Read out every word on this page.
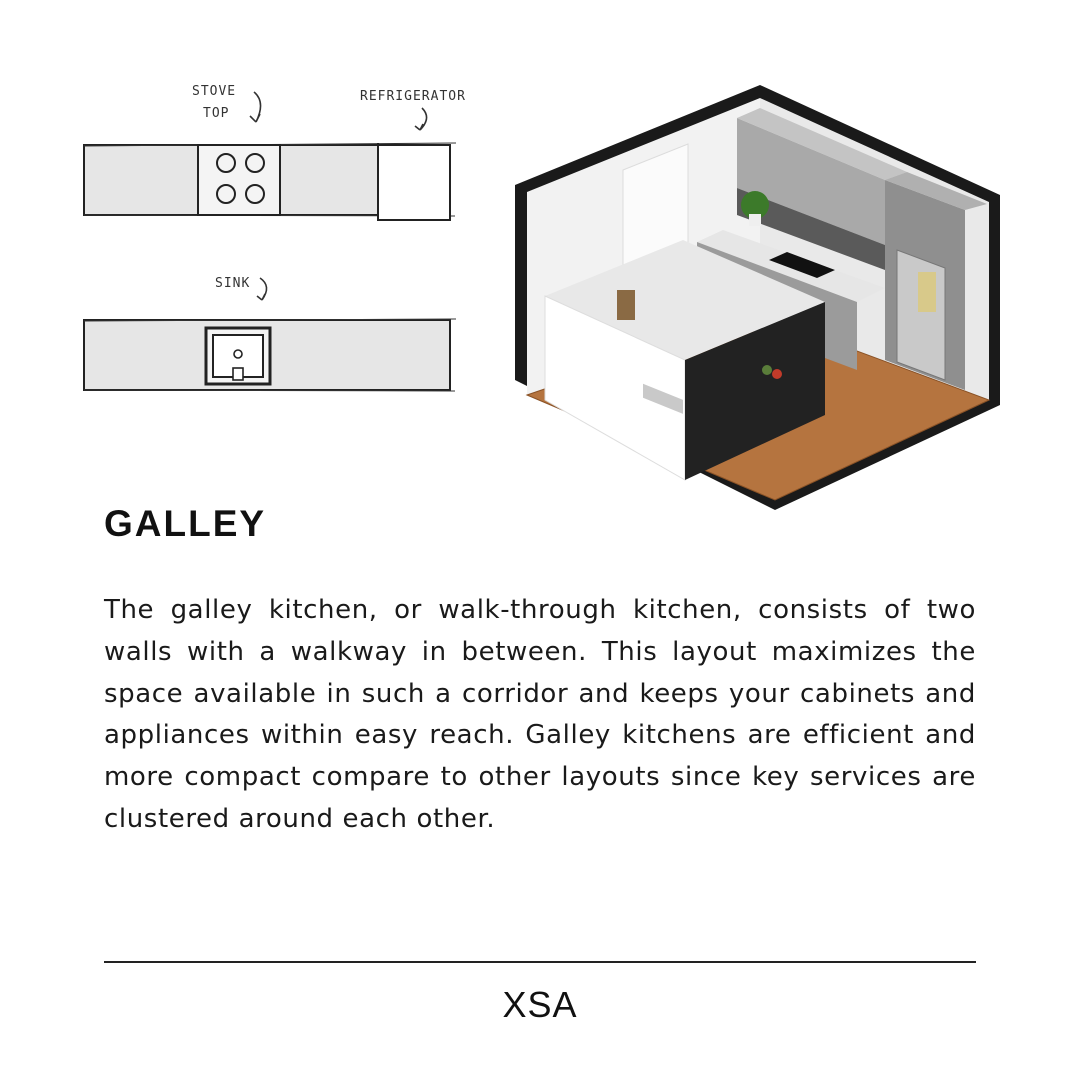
STOVE
TOP
REFRIGERATOR
SINK
GALLEY

The galley kitchen, or walk-through kitchen, consists of two walls with a walkway in between. This layout maximizes the space available in such a corridor and keeps your cabinets and appliances within easy reach. Galley kitchens are efficient and more compact compare to other layouts since key services are clustered around each other.

XSA
